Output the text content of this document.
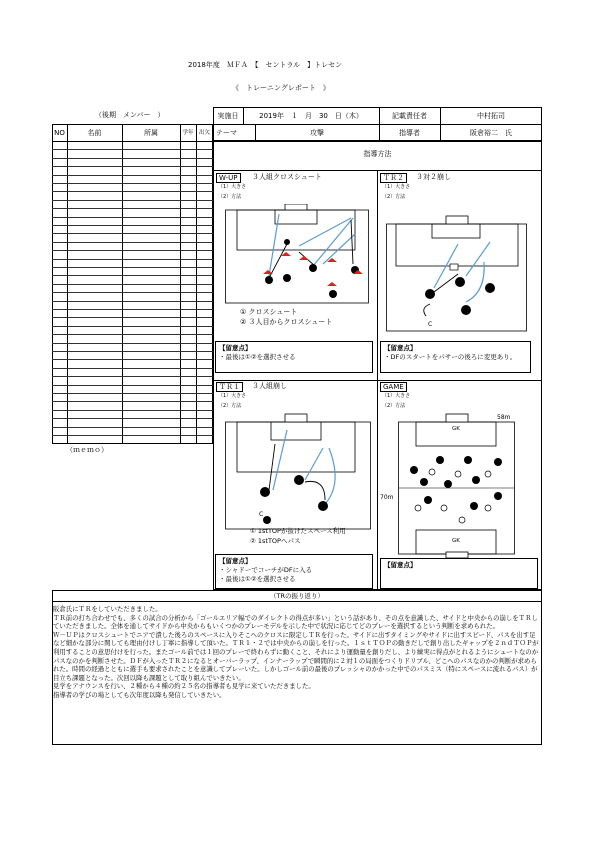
2018年度　ＭＦＡ　【　セントラル　】トレセン
《　トレーニングレポート　》
（後期　メンバー　）
NO	名前	所属	学年 出欠
（ｍｅｍｏ）
実施日	2019年　１　月　30　日（木）	記載責任者	中村拓司
テーマ	攻撃	指導者	阪倉裕二　氏
指導方法
W-UP	３人組クロスシュート
（1）大きさ
（2）方法
① クロスシュート
② ３人目からクロスシュート
【留意点】
・最後は①②を選択させる
ＴＲ２	３対２崩し
（1）大きさ
（2）方法
C
【留意点】
・DFのスタートをパサーの後ろに変更あり。
ＴＲ１	３人組崩し
（1）大きさ
（2）方法
C
① 1stTOPが抜けたスペース利用
② 1stTOPへパス
【留意点】
・シャドーでコーチがDFに入る
・最後は①②を選択させる
GAME
（1）大きさ
（2）方法
58m
70m
GK
GK
【留意点】
（TRの振り返り）

阪倉氏にＴＲをしていただきました。

ＴＲ前の打ち合わせでも、多くの試合の分析から「ゴールエリア幅でのダイレクトの得点が多い」という話があり、その点を意識した、サイドと中央からの崩しをＴＲしていただきました。全体を通してサイドから中央からもいくつかのプレーモデルを示した中で状況に応じてどのプレーを選択するという判断を求められた。

Ｗ－ＵＰはクロスシュートでニアで潰した後ろのスペースに入りそこへのクロスに限定しＴＲを行った。サイドに出すタイミングやサイドに出すスピード、パスを出す足など細かな部分に関しても理由付けし丁寧に指導して頂いた。ＴＲ１・２では中央からの崩しを行った。１ｓｔＴＯＰの動きだしで創り出したギャップを２ｎｄＴＯＰが利用することの意思付けを行った。またゴール前では１回のプレーで終わらずに動くこと、それにより運動量を創りだし、より練実に得点がとれるようにシュートなのかパスなのかを判断させた。ＤＦが入ったＴＲ２になるとオーバーラップ、インナーラップで瞬間的に２対１の局面をつくりドリブル、どこへのパスなのかの判断が求められた。時間の経過とともに選手も要求されたことを意識してプレーいた。しかしゴール前の最後のプレッシャのかかった中でのパスミス（特にスペースに流れるパス）が目立ち課題となった。次回以降も課題として取り組んでいきたい。

見学をアナウンスを行い、２種から４種の約２５名の指導者も見学に来ていただきました。

指導者の学びの場としても次年度以降も発信していきたい。
